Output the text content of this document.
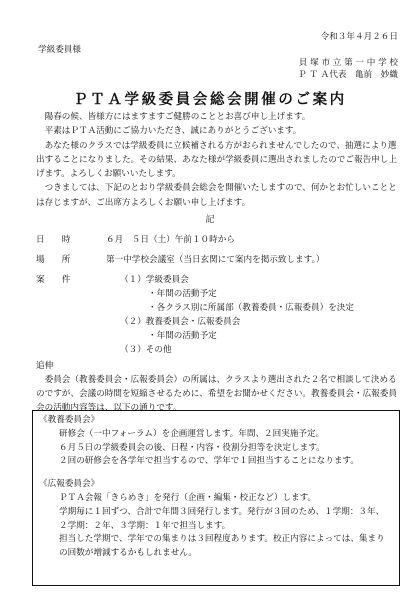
令和３年４月２６日
学級委員様
貝 塚 市 立 第 一 中 学 校
Ｐ Ｔ Ａ代表　亀前　妙織
ＰＴＡ学級委員会総会開催のご案内

陽春の候、皆様方にはますますご健勝のこととお喜び申し上げます。

平素はＰＴＡ活動にご協力いただき、誠にありがとうございます。

あなた様のクラスでは学級委員に立候補される方がおられませんでしたので、抽選により選出することになりました。その結果、あなた様が学級委員に選出されましたのでご報告申し上げます。よろしくお願いいたします。

つきましては、下記のとおり学級委員会総会を開催いたしますので、何かとお忙しいこととは存じますが、ご出席方よろしくお願い申し上げます。

記
日　　時	６月　５日（土）午前１０時から
場　　所	第一中学校会議室（当日玄関にて案内を掲示致します。）
案　　件	（１）学級委員会
・年間の活動予定
・各クラス別に所属部（教養委員・広報委員）を決定
（２）教養委員会・広報委員会
・年間の活動予定
（３）その他
追伸
委員会（教養委員会・広報委員会）の所属は、クラスより選出された２名で相談して決めるのですが、会議の時間を短縮させるために、希望をお聞かせください。教養委員会・広報委員会の活動内容等は、以下の通りです。
《教養委員会》
研修会（一中フォーラム）を企画運営します。年間、２回実施予定。
６月５日の学級委員会の後、日程・内容・役割分担等を決定します。
２回の研修会を各学年で担当するので、学年で１回担当することになります。
《広報委員会》
ＰＴＡ会報「きらめき」を発行（企画・編集・校正など）します。
学期毎に１回ずつ、合計で年間３回発行します。発行が３回のため、１学期：３年、２学期：２年、３学期：１年で担当します。
担当した学期で、学年での集まりは３回程度あります。校正内容によっては、集まりの回数が増減するかもしれません。
